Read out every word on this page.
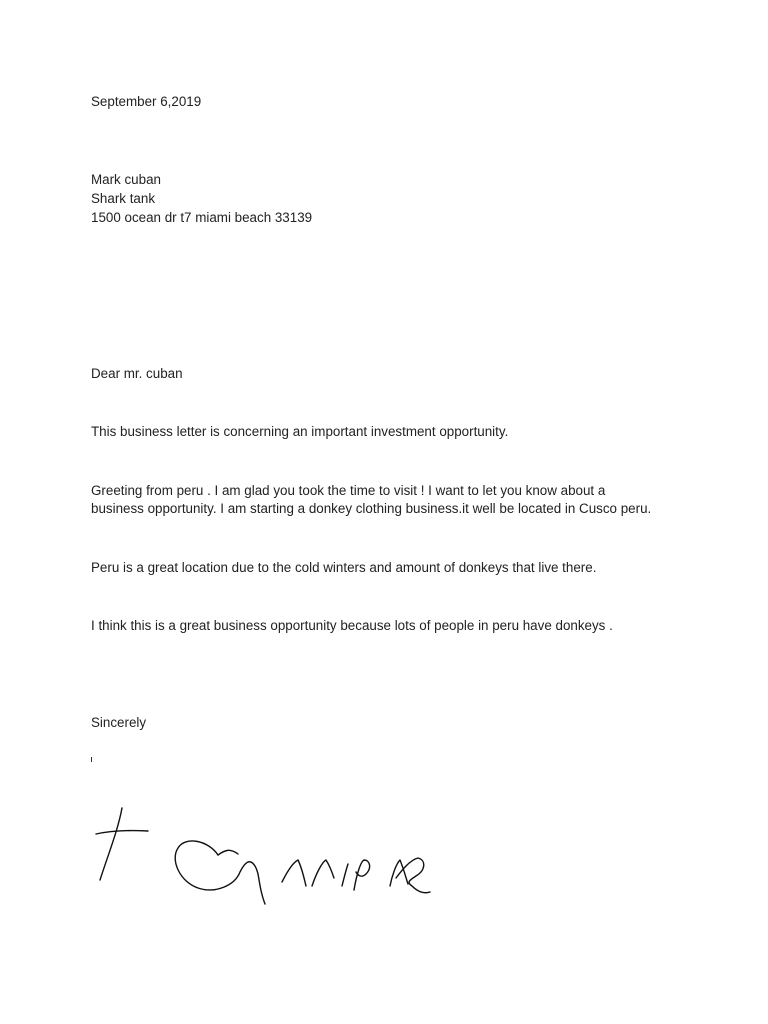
September 6,2019

Mark cuban

Shark tank

1500 ocean dr t7 miami beach 33139

Dear mr. cuban

This business letter is concerning an important investment opportunity.

Greeting from peru . I am glad you took the time to visit ! I want to let you know about a

business opportunity. I am starting a donkey clothing business.it well be located in Cusco peru.

Peru is a great location due to the cold winters and amount of donkeys that live there.

I think this is a great business opportunity because lots of people in peru have donkeys .

Sincerely
